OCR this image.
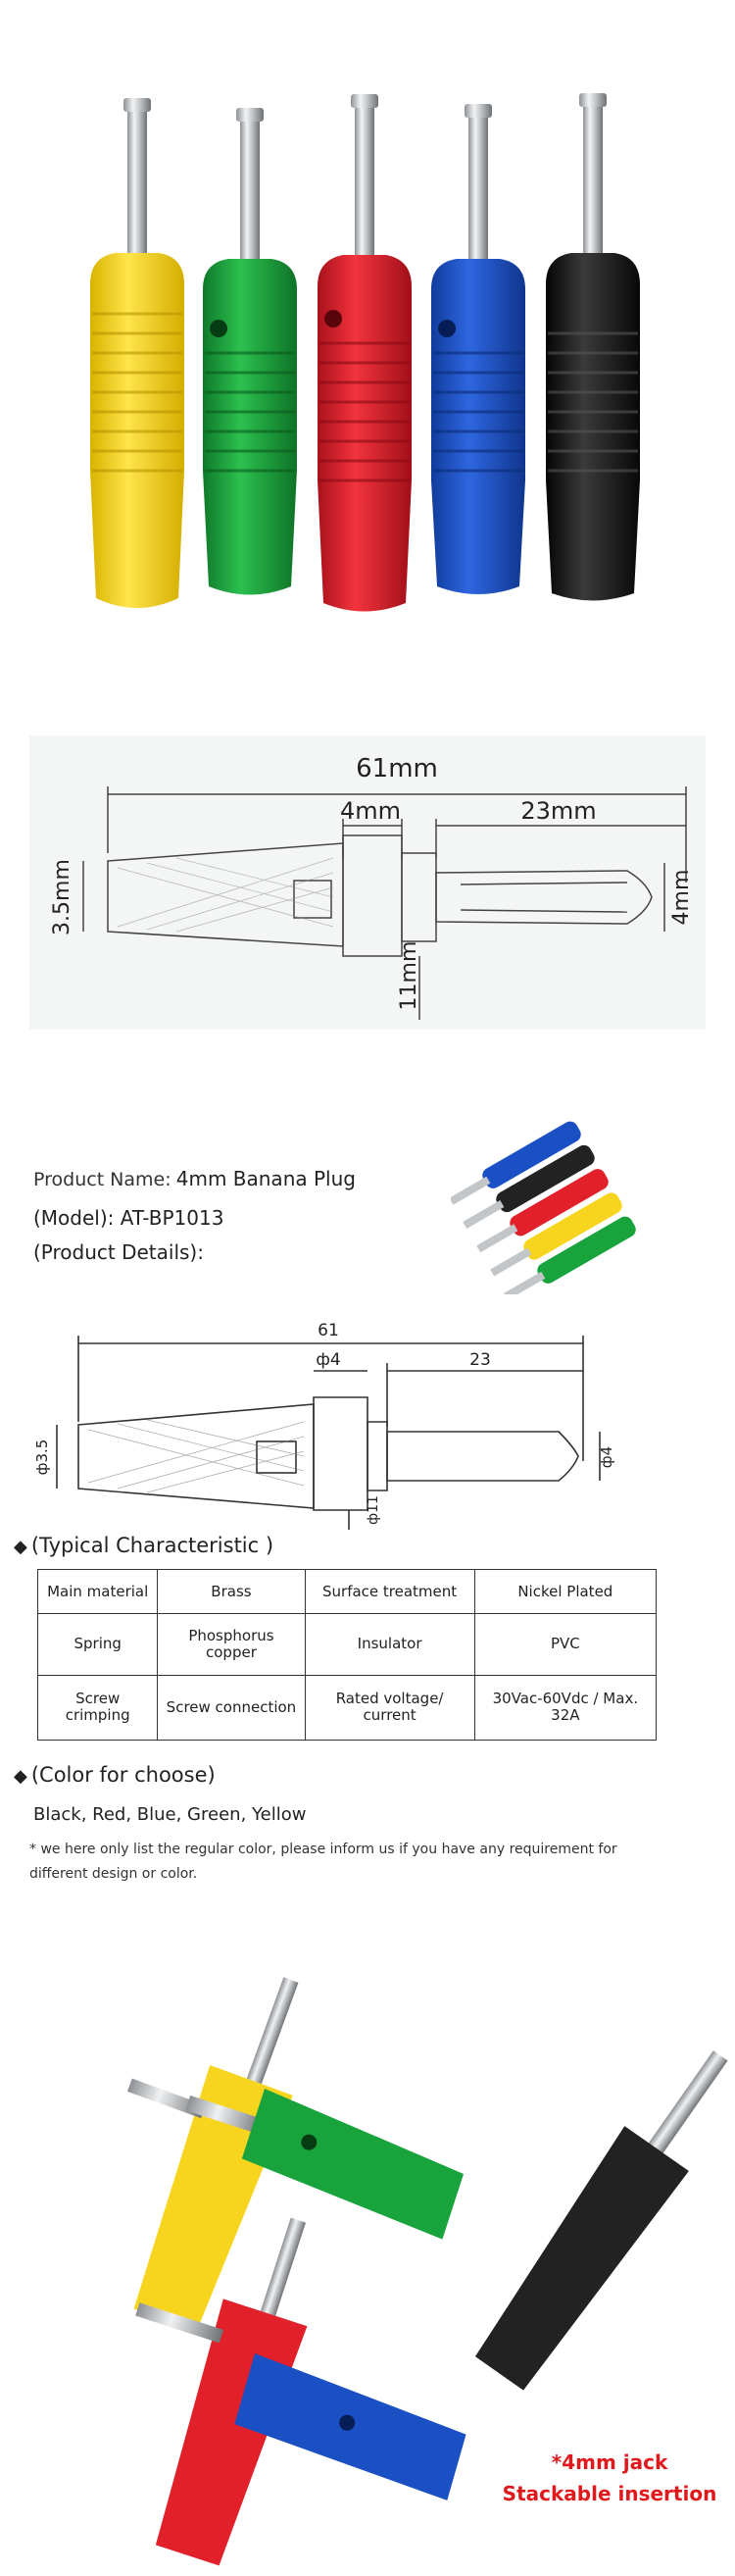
61mm
4mm	23mm
3.5mm	4mm
11mm
Product Name: 4mm Banana Plug
(Model): AT-BP1013
(Product Details):
61
ф4	23
ф3.5	ф4
ф11
◆ (Typical Characteristic )
Main material	Brass	Surface treatment	Nickel Plated
Spring	Phosphorus copper	Insulator	PVC
Screw crimping	Screw connection	Rated voltage/ current	30Vac-60Vdc / Max. 32A
◆ (Color for choose)
Black, Red, Blue, Green, Yellow
* we here only list the regular color, please inform us if you have any requirement for different design or color.
*4mm jack
Stackable insertion
